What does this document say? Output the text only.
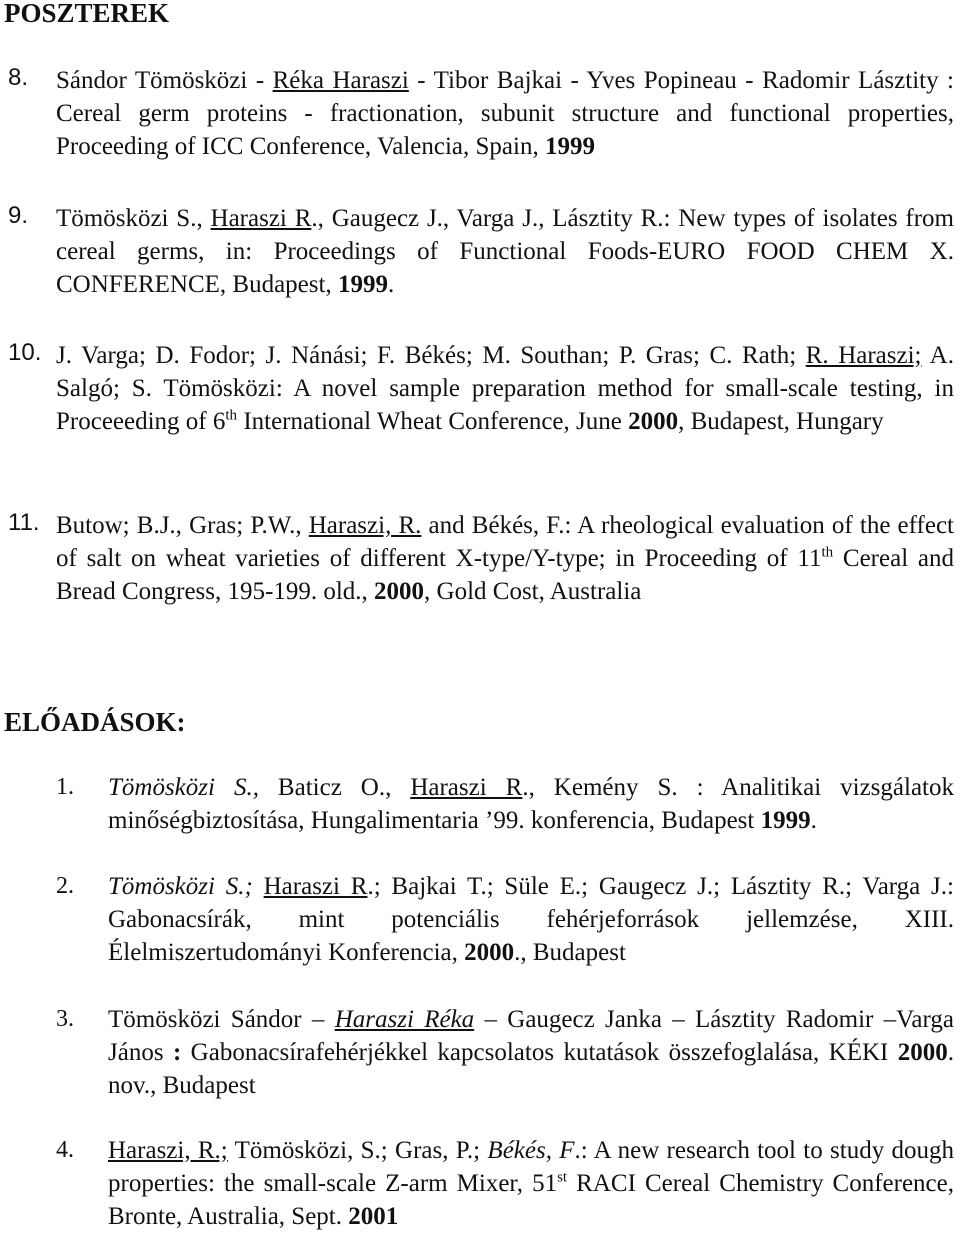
POSZTEREK
8. Sándor Tömösközi - Réka Haraszi - Tibor Bajkai - Yves Popineau - Radomir Lásztity : Cereal germ proteins - fractionation, subunit structure and functional properties, Proceeding of ICC Conference, Valencia, Spain, 1999
9. Tömösközi S., Haraszi R., Gaugecz J., Varga J., Lásztity R.: New types of isolates from cereal germs, in: Proceedings of Functional Foods-EURO FOOD CHEM X. CONFERENCE, Budapest, 1999.
10. J. Varga; D. Fodor; J. Nánási; F. Békés; M. Southan; P. Gras; C. Rath; R. Haraszi; A. Salgó; S. Tömösközi: A novel sample preparation method for small-scale testing, in Proceeeding of 6th International Wheat Conference, June 2000, Budapest, Hungary
11. Butow; B.J., Gras; P.W., Haraszi, R. and Békés, F.: A rheological evaluation of the effect of salt on wheat varieties of different X-type/Y-type; in Proceeding of 11th Cereal and Bread Congress, 195-199. old., 2000, Gold Cost, Australia
ELŐADÁSOK:
1. Tömösközi S., Baticz O., Haraszi R., Kemény S. : Analitikai vizsgálatok minőségbiztosítása, Hungalimentaria ’99. konferencia, Budapest 1999.
2. Tömösközi S.; Haraszi R.; Bajkai T.; Süle E.; Gaugecz J.; Lásztity R.; Varga J.: Gabonacsírák, mint potenciális fehérjeforrások jellemzése, XIII. Élelmiszertudományi Konferencia, 2000., Budapest
3. Tömösközi Sándor – Haraszi Réka – Gaugecz Janka – Lásztity Radomir –Varga János : Gabonacsírafehérjékkel kapcsolatos kutatások összefoglalása, KÉKI 2000. nov., Budapest
4. Haraszi, R.; Tömösközi, S.; Gras, P.; Békés, F.: A new research tool to study dough properties: the small-scale Z-arm Mixer, 51st RACI Cereal Chemistry Conference, Bronte, Australia, Sept. 2001
